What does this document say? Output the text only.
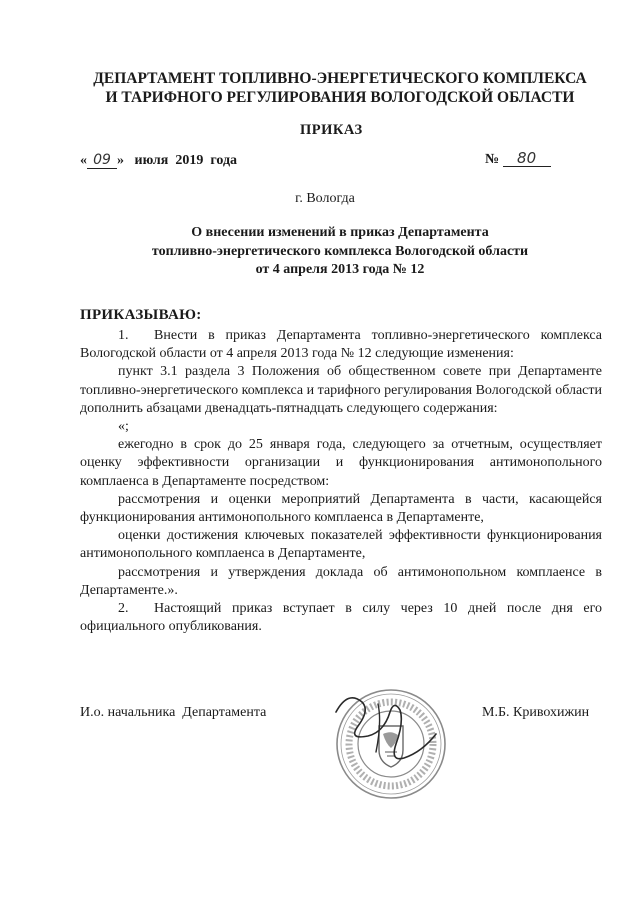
ДЕПАРТАМЕНТ ТОПЛИВНО-ЭНЕРГЕТИЧЕСКОГО КОМПЛЕКСА
И ТАРИФНОГО РЕГУЛИРОВАНИЯ ВОЛОГОДСКОЙ ОБЛАСТИ
ПРИКАЗ
« 09 » июля  2019  года	№ 80
г. Вологда
О внесении изменений в приказ Департамента
топливно-энергетического комплекса Вологодской области
от 4 апреля 2013 года № 12
ПРИКАЗЫВАЮ:

1. Внести в приказ Департамента топливно-энергетического комплекса Вологодской области от 4 апреля 2013 года № 12 следующие изменения:

пункт 3.1 раздела 3 Положения об общественном совете при Департаменте топливно-энергетического комплекса и тарифного регулирования Вологодской области дополнить абзацами двенадцать-пятнадцать следующего содержания:

«;

ежегодно в срок до 25 января года, следующего за отчетным, осуществляет оценку эффективности организации и функционирования антимонопольного комплаенса в Департаменте посредством:

рассмотрения и оценки мероприятий Департамента в части, касающейся функционирования антимонопольного комплаенса в Департаменте,

оценки достижения ключевых показателей эффективности функционирования антимонопольного комплаенса в Департаменте,

рассмотрения и утверждения доклада об антимонопольном комплаенсе в Департаменте.».

2. Настоящий приказ вступает в силу через 10 дней после дня его официального опубликования.

И.о. начальника  Департамента	М.Б. Кривохижин
